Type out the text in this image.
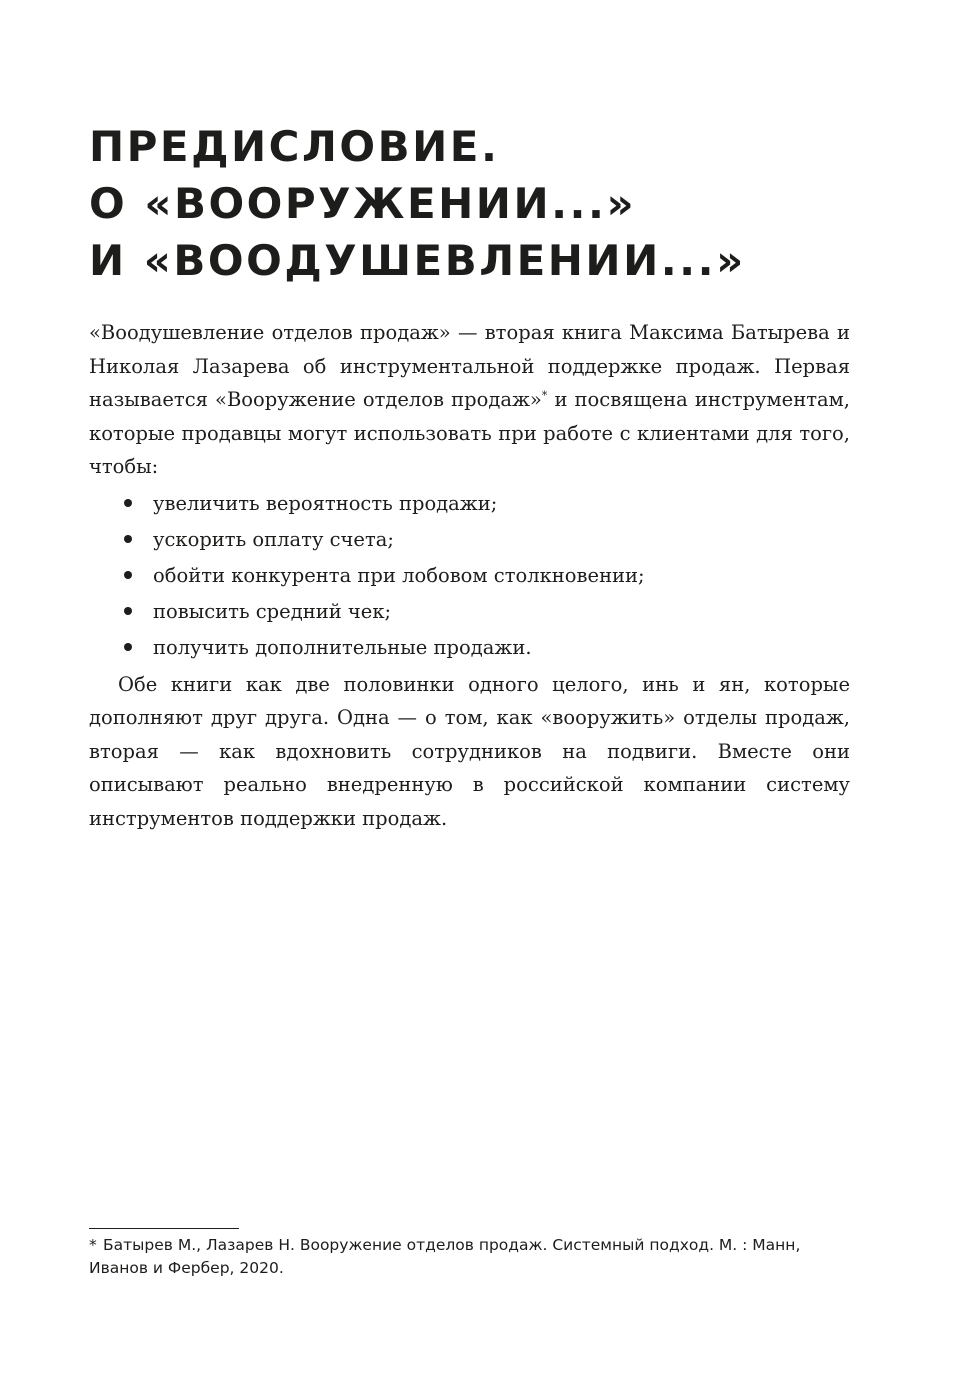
ПРЕДИСЛОВИЕ.
О «ВООРУЖЕНИИ...»
И «ВООДУШЕВЛЕНИИ...»

«Воодушевление отделов продаж» — вторая книга Максима Батырева и Николая Лазарева об инструментальной поддержке продаж. Первая называется «Вооружение отделов продаж»* и посвящена инструментам, которые продавцы могут использовать при работе с клиентами для того, чтобы:

увеличить вероятность продажи;
ускорить оплату счета;
обойти конкурента при лобовом столкновении;
повысить средний чек;
получить дополнительные продажи.

Обе книги как две половинки одного целого, инь и ян, которые дополняют друг друга. Одна — о том, как «вооружить» отделы продаж, вторая — как вдохновить сотрудников на подвиги. Вместе они описывают реально внедренную в российской компании систему инструментов поддержки продаж.

* Батырев М., Лазарев Н. Вооружение отделов продаж. Системный подход. М. : Манн, Иванов и Фербер, 2020.
